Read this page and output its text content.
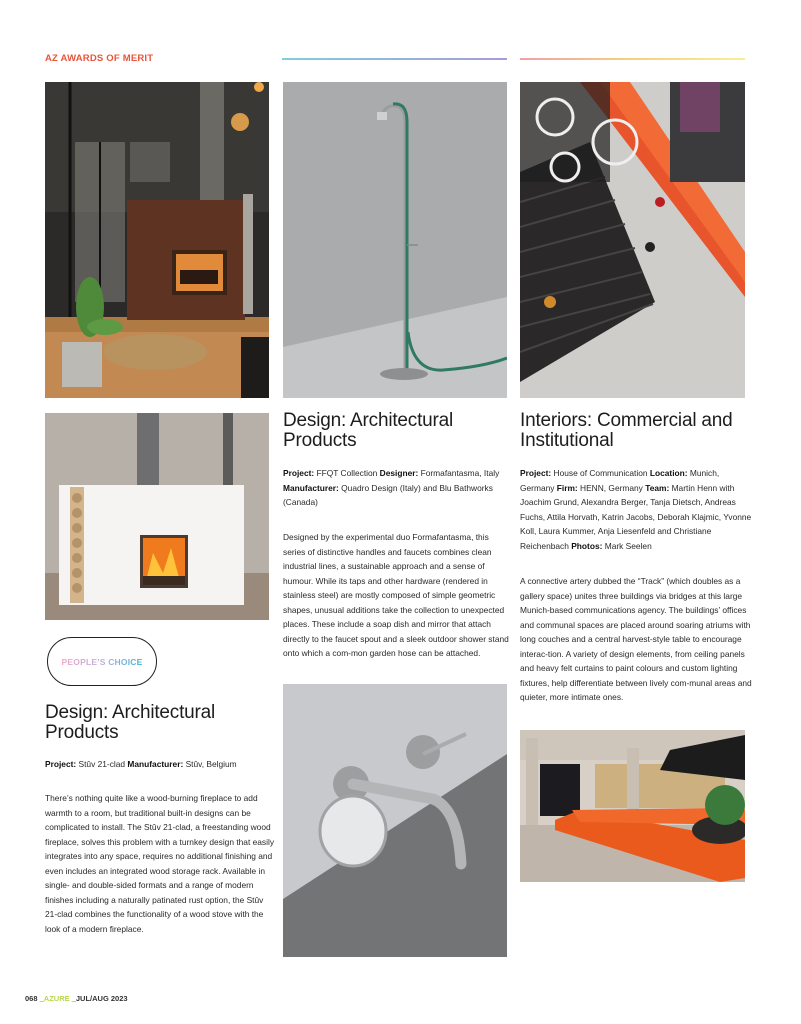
AZ AWARDS OF MERIT
Design: Architectural Products

Project: FFQT Collection Designer: Formafantasma, Italy Manufacturer: Quadro Design (Italy) and Blu Bathworks (Canada)

Designed by the experimental duo Formafantasma, this series of distinctive handles and faucets combines clean industrial lines, a sustainable approach and a sense of humour. While its taps and other hardware (rendered in stainless steel) are mostly composed of simple geometric shapes, unusual additions take the collection to unexpected places. These include a soap dish and mirror that attach directly to the faucet spout and a sleek outdoor shower stand onto which a com-mon garden hose can be attached.

Interiors: Commercial and Institutional

Project: House of Communication Location: Munich, Germany Firm: HENN, Germany Team: Martin Henn with Joachim Grund, Alexandra Berger, Tanja Dietsch, Andreas Fuchs, Attila Horvath, Katrin Jacobs, Deborah Klajmic, Yvonne Koll, Laura Kummer, Anja Liesenfeld and Christiane Reichenbach Photos: Mark Seelen

A connective artery dubbed the “Track” (which doubles as a gallery space) unites three buildings via bridges at this large Munich-based communications agency. The buildings’ offices and communal spaces are placed around soaring atriums with long couches and a central harvest-style table to encourage interac-tion. A variety of design elements, from ceiling panels and heavy felt curtains to paint colours and custom lighting fixtures, help differentiate between lively com-munal areas and quieter, more intimate ones.

PEOPLE’S CHOICE
Design: Architectural Products

Project: Stûv 21-clad Manufacturer: Stûv, Belgium

There’s nothing quite like a wood-burning fireplace to add warmth to a room, but traditional built-in designs can be complicated to install. The Stûv 21-clad, a freestanding wood fireplace, solves this problem with a turnkey design that easily integrates into any space, requires no additional finishing and even includes an integrated wood storage rack. Available in single- and double-sided formats and a range of modern finishes including a naturally patinated rust option, the Stûv 21-clad combines the functionality of a wood stove with the look of a modern fireplace.

068 _AZURE _JUL/AUG 2023
